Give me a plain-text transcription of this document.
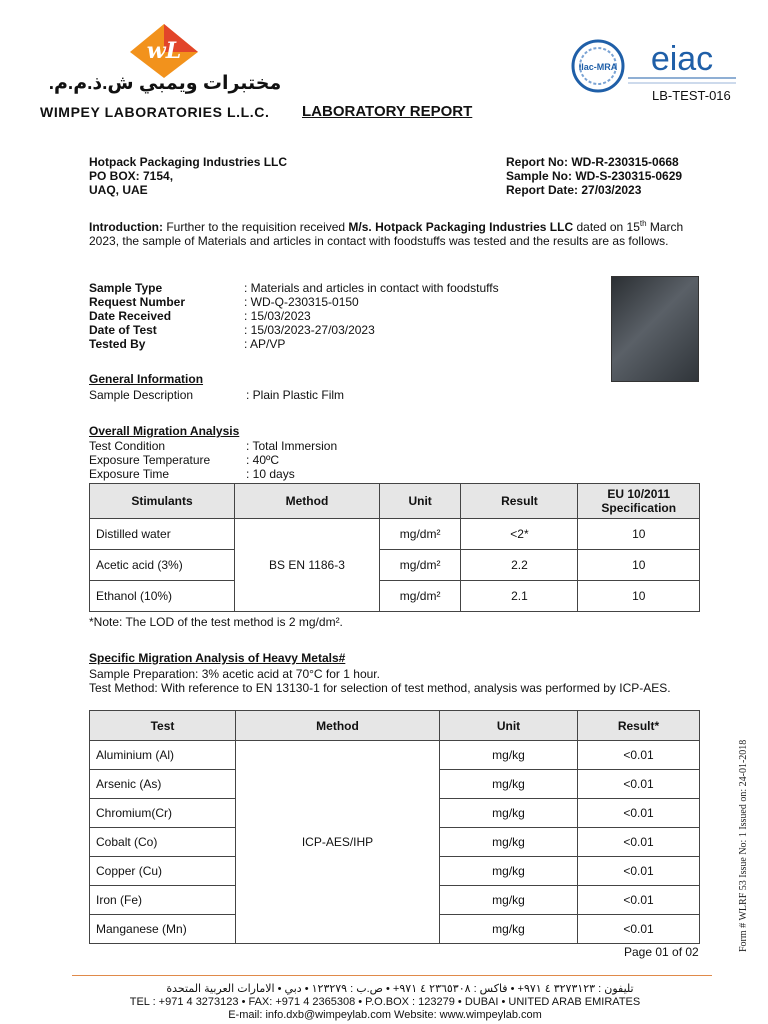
wL
مختبرات ويمبي ش.ذ.م.م.
WIMPEY LABORATORIES L.L.C. LABORATORY REPORT
ilac-MRA eiac
LB-TEST-016
Hotpack Packaging Industries LLC
PO BOX: 7154,
UAQ, UAE
Report No: WD-R-230315-0668
Sample No: WD-S-230315-0629
Report Date: 27/03/2023
Introduction: Further to the requisition received M/s. Hotpack Packaging Industries LLC dated on 15th March 2023, the sample of Materials and articles in contact with foodstuffs was tested and the results are as follows.
Sample Type	: Materials and articles in contact with foodstuffs
Request Number	: WD-Q-230315-0150
Date Received	: 15/03/2023
Date of Test	: 15/03/2023-27/03/2023
Tested By	: AP/VP
General Information
Sample Description	: Plain Plastic Film
Overall Migration Analysis
Test Condition	: Total Immersion
Exposure Temperature	: 40ºC
Exposure Time	: 10 days
Stimulants	Method	Unit	Result	EU 10/2011
Specification
Distilled water	BS EN 1186-3	mg/dm²	<2*	10
Acetic acid (3%)		mg/dm²	2.2	10
Ethanol (10%)		mg/dm²	2.1	10
*Note: The LOD of the test method is 2 mg/dm².
Specific Migration Analysis of Heavy Metals#
Sample Preparation: 3% acetic acid at 70°C for 1 hour.
Test Method: With reference to EN 13130-1 for selection of test method, analysis was performed by ICP-AES.
Test	Method	Unit	Result*
Aluminium (Al)	ICP-AES/IHP	mg/kg	<0.01
Arsenic (As)		mg/kg	<0.01
Chromium(Cr)		mg/kg	<0.01
Cobalt (Co)		mg/kg	<0.01
Copper (Cu)		mg/kg	<0.01
Iron (Fe)		mg/kg	<0.01
Manganese (Mn)		mg/kg	<0.01
Page 01 of 02	Form # WLRF 53 Issue No: 1 Issued on: 24-01-2018
تليفون : ٣٢٧٣١٢٣ ٤ ٩٧١+ • فاكس : ٢٣٦٥٣٠٨ ٤ ٩٧١+ • ص.ب : ١٢٣٢٧٩ • دبي • الامارات العربية المتحدة
TEL : +971 4 3273123 • FAX: +971 4 2365308 • P.O.BOX : 123279 • DUBAI • UNITED ARAB EMIRATES
E-mail: info.dxb@wimpeylab.com Website: www.wimpeylab.com
